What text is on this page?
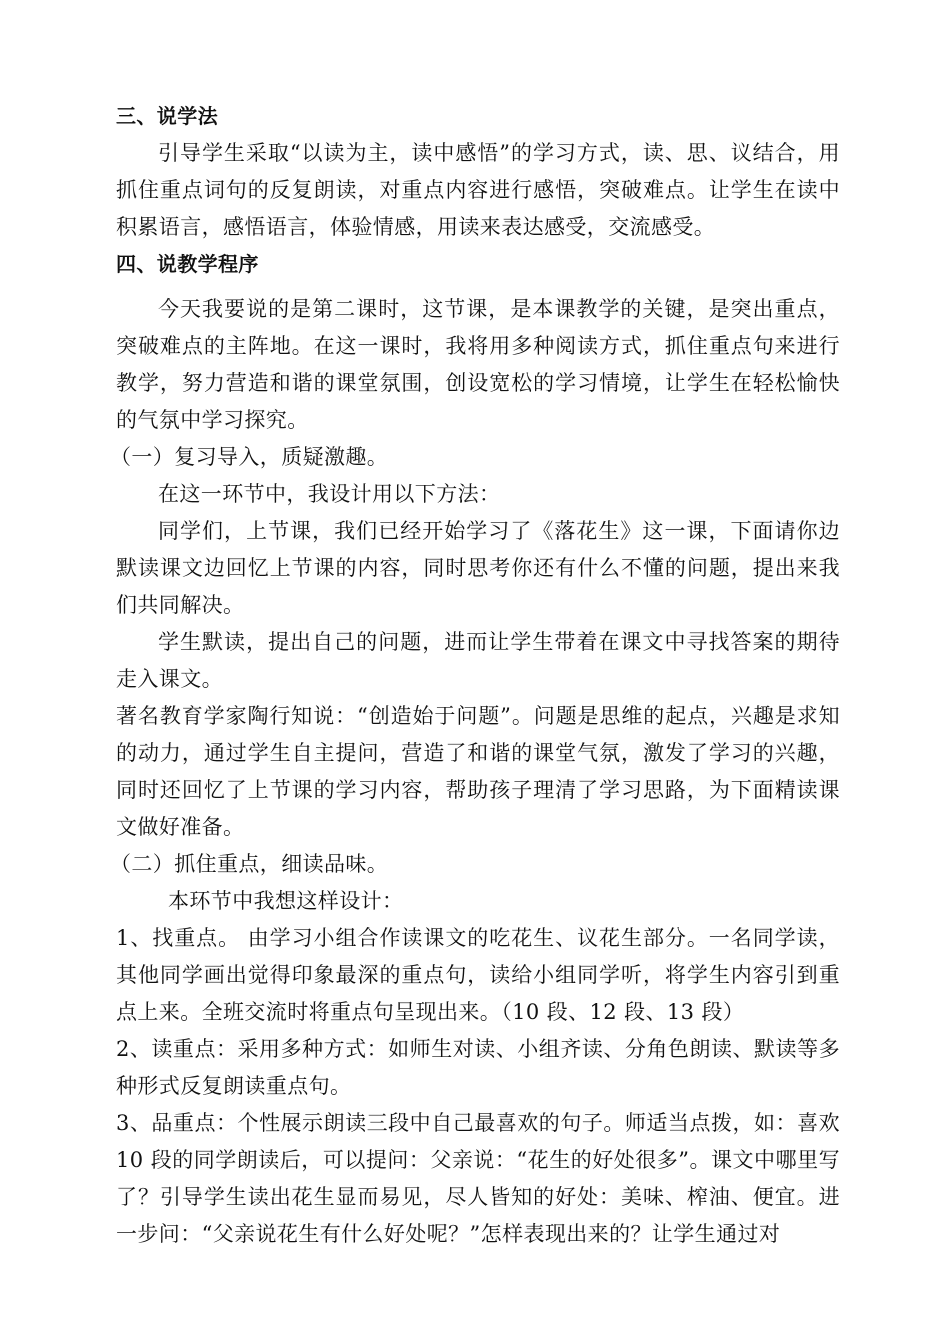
三、说学法

引导学生采取“以读为主，读中感悟”的学习方式，读、思、议结合，用抓住重点词句的反复朗读，对重点内容进行感悟，突破难点。让学生在读中积累语言，感悟语言，体验情感，用读来表达感受，交流感受。

四、说教学程序

今天我要说的是第二课时，这节课，是本课教学的关键，是突出重点，突破难点的主阵地。在这一课时，我将用多种阅读方式，抓住重点句来进行教学，努力营造和谐的课堂氛围，创设宽松的学习情境，让学生在轻松愉快的气氛中学习探究。

（一）复习导入，质疑激趣。

在这一环节中，我设计用以下方法：

同学们，上节课，我们已经开始学习了《落花生》这一课，下面请你边默读课文边回忆上节课的内容，同时思考你还有什么不懂的问题，提出来我们共同解决。

学生默读，提出自己的问题，进而让学生带着在课文中寻找答案的期待走入课文。

著名教育学家陶行知说：“创造始于问题”。问题是思维的起点，兴趣是求知的动力，通过学生自主提问，营造了和谐的课堂气氛，激发了学习的兴趣，同时还回忆了上节课的学习内容，帮助孩子理清了学习思路，为下面精读课文做好准备。

（二）抓住重点，细读品味。

本环节中我想这样设计：

1、找重点。 由学习小组合作读课文的吃花生、议花生部分。一名同学读，其他同学画出觉得印象最深的重点句，读给小组同学听，将学生内容引到重点上来。全班交流时将重点句呈现出来。（10 段、12 段、13 段）

2、读重点：采用多种方式：如师生对读、小组齐读、分角色朗读、默读等多种形式反复朗读重点句。

3、品重点：个性展示朗读三段中自己最喜欢的句子。师适当点拨，如：喜欢 10 段的同学朗读后，可以提问：父亲说：“花生的好处很多”。课文中哪里写了？引导学生读出花生显而易见，尽人皆知的好处：美味、榨油、便宜。进一步问：“父亲说花生有什么好处呢？”怎样表现出来的？让学生通过对
